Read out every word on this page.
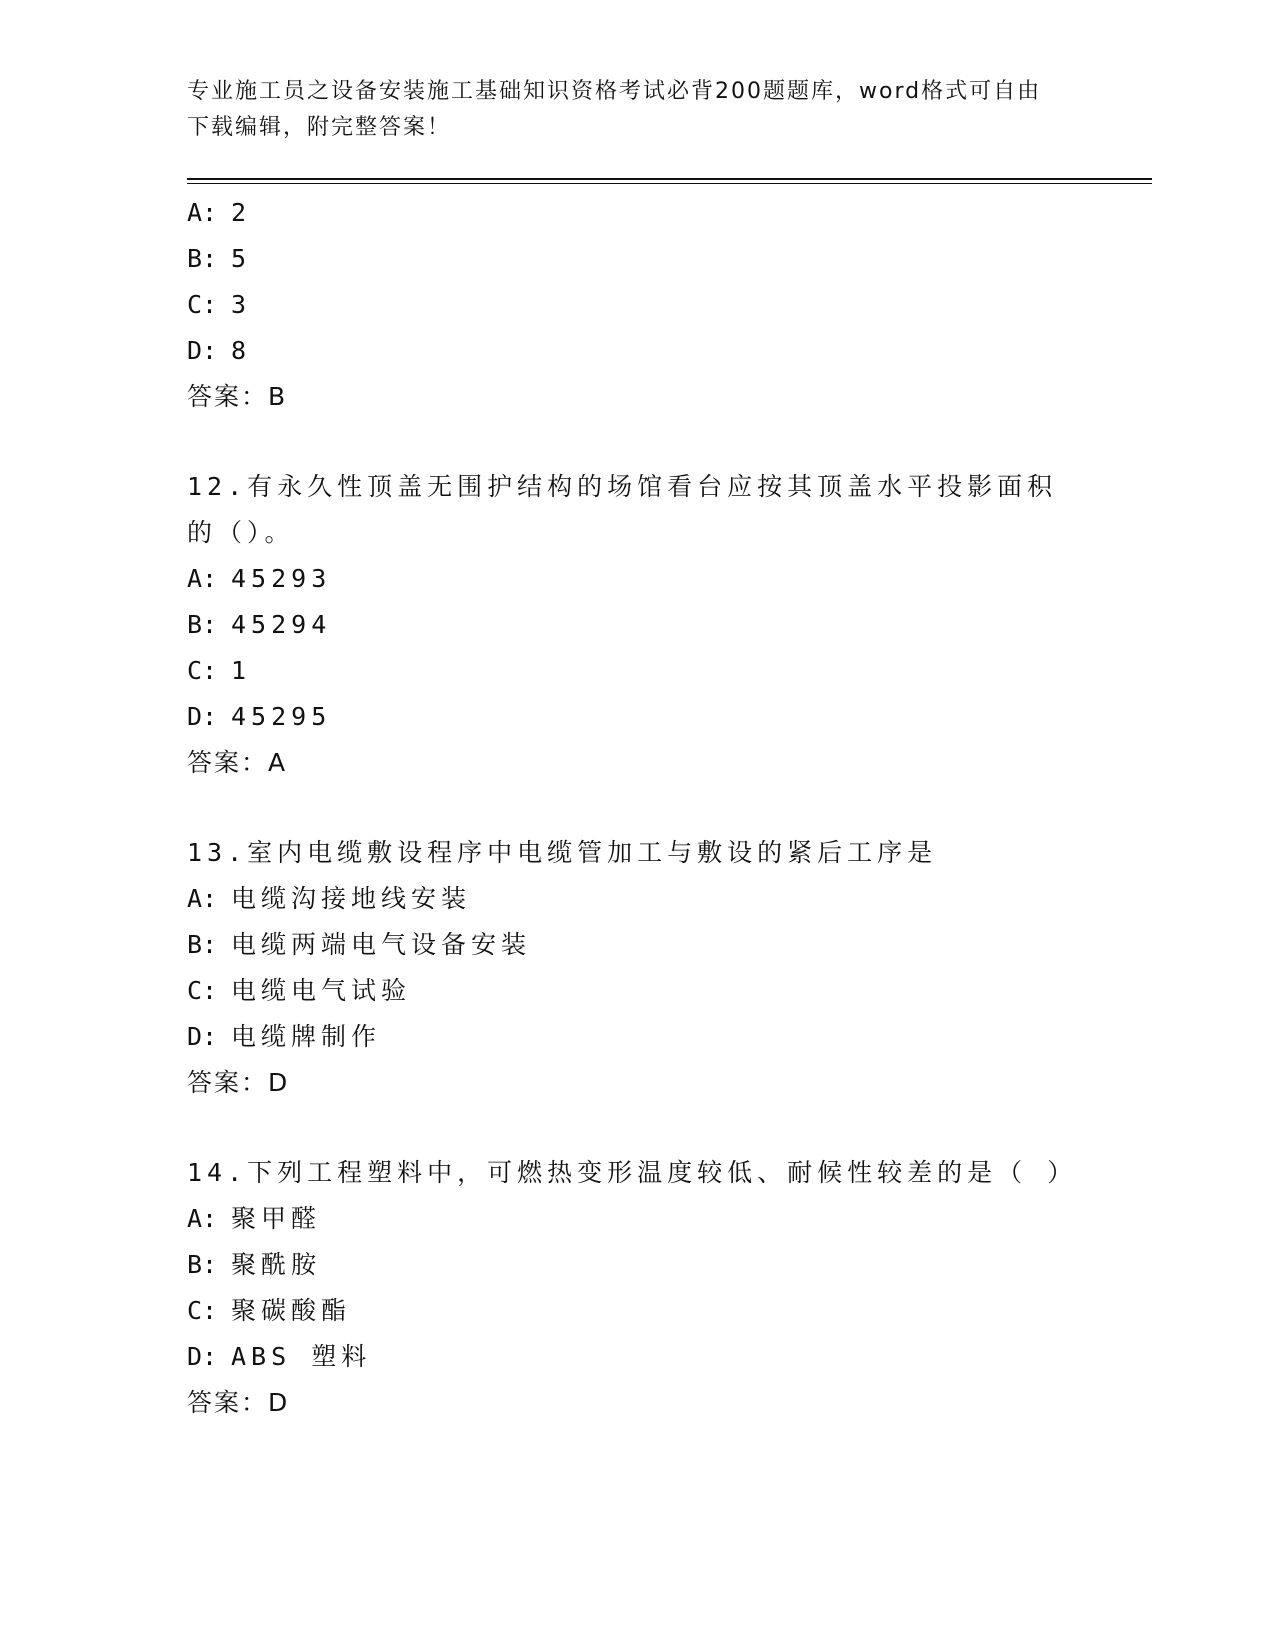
专业施工员之设备安装施工基础知识资格考试必背200题题库，word格式可自由
下载编辑，附完整答案！
A: 2
B: 5
C: 3
D: 8
答案：B
12.有永久性顶盖无围护结构的场馆看台应按其顶盖水平投影面积的（）。
A: 45293
B: 45294
C: 1
D: 45295
答案：A
13.室内电缆敷设程序中电缆管加工与敷设的紧后工序是
A: 电缆沟接地线安装
B: 电缆两端电气设备安装
C: 电缆电气试验
D: 电缆牌制作
答案：D
14.下列工程塑料中，可燃热变形温度较低、耐候性较差的是（ ）
A: 聚甲醛
B: 聚酰胺
C: 聚碳酸酯
D: ABS 塑料
答案：D
